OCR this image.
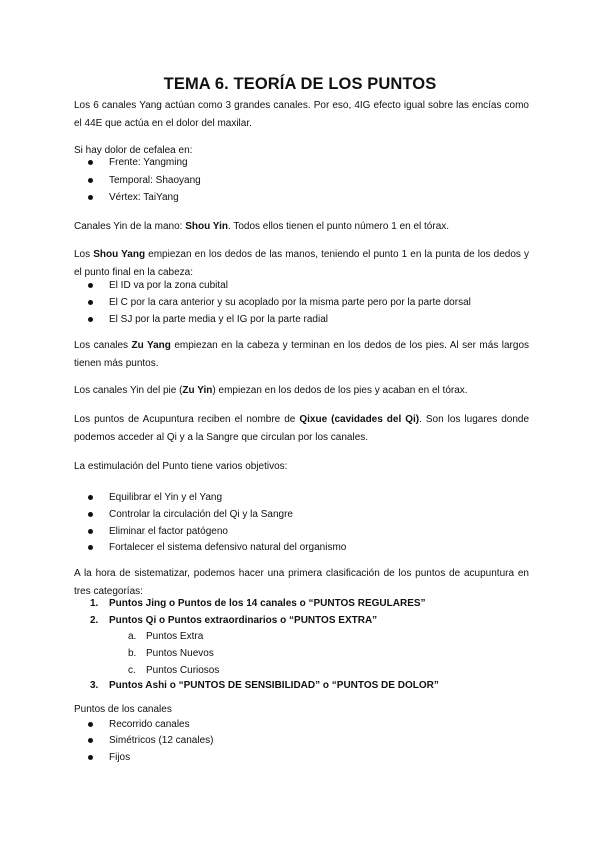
TEMA 6. TEORÍA DE LOS PUNTOS

Los 6 canales Yang actúan como 3 grandes canales. Por eso, 4IG efecto igual sobre las encías como el 44E que actúa en el dolor del maxilar.

Si hay dolor de cefalea en:

Frente: Yangming
Temporal: Shaoyang
Vértex: TaiYang

Canales Yin de la mano: Shou Yin. Todos ellos tienen el punto número 1 en el tórax.

Los Shou Yang empiezan en los dedos de las manos, teniendo el punto 1 en la punta de los dedos y el punto final en la cabeza:

El ID va por la zona cubital
El C por la cara anterior y su acoplado por la misma parte pero por la parte dorsal
El SJ por la parte media y el IG por la parte radial

Los canales Zu Yang empiezan en la cabeza y terminan en los dedos de los pies. Al ser más largos tienen más puntos.

Los canales Yin del pie (Zu Yin) empiezan en los dedos de los pies y acaban en el tórax.

Los puntos de Acupuntura reciben el nombre de Qixue (cavidades del Qi). Son los lugares donde podemos acceder al Qi y a la Sangre que circulan por los canales.

La estimulación del Punto tiene varios objetivos:

Equilibrar el Yin y el Yang
Controlar la circulación del Qi y la Sangre
Eliminar el factor patógeno
Fortalecer el sistema defensivo natural del organismo

A la hora de sistematizar, podemos hacer una primera clasificación de los puntos de acupuntura en tres categorías:

1. Puntos Jing o Puntos de los 14 canales o “PUNTOS REGULARES”
2. Puntos Qi o Puntos extraordinarios o “PUNTOS EXTRA”
a. Puntos Extra
b. Puntos Nuevos
c. Puntos Curiosos
3. Puntos Ashi o “PUNTOS DE SENSIBILIDAD” o “PUNTOS DE DOLOR”

Puntos de los canales

Recorrido canales
Simétricos (12 canales)
Fijos
